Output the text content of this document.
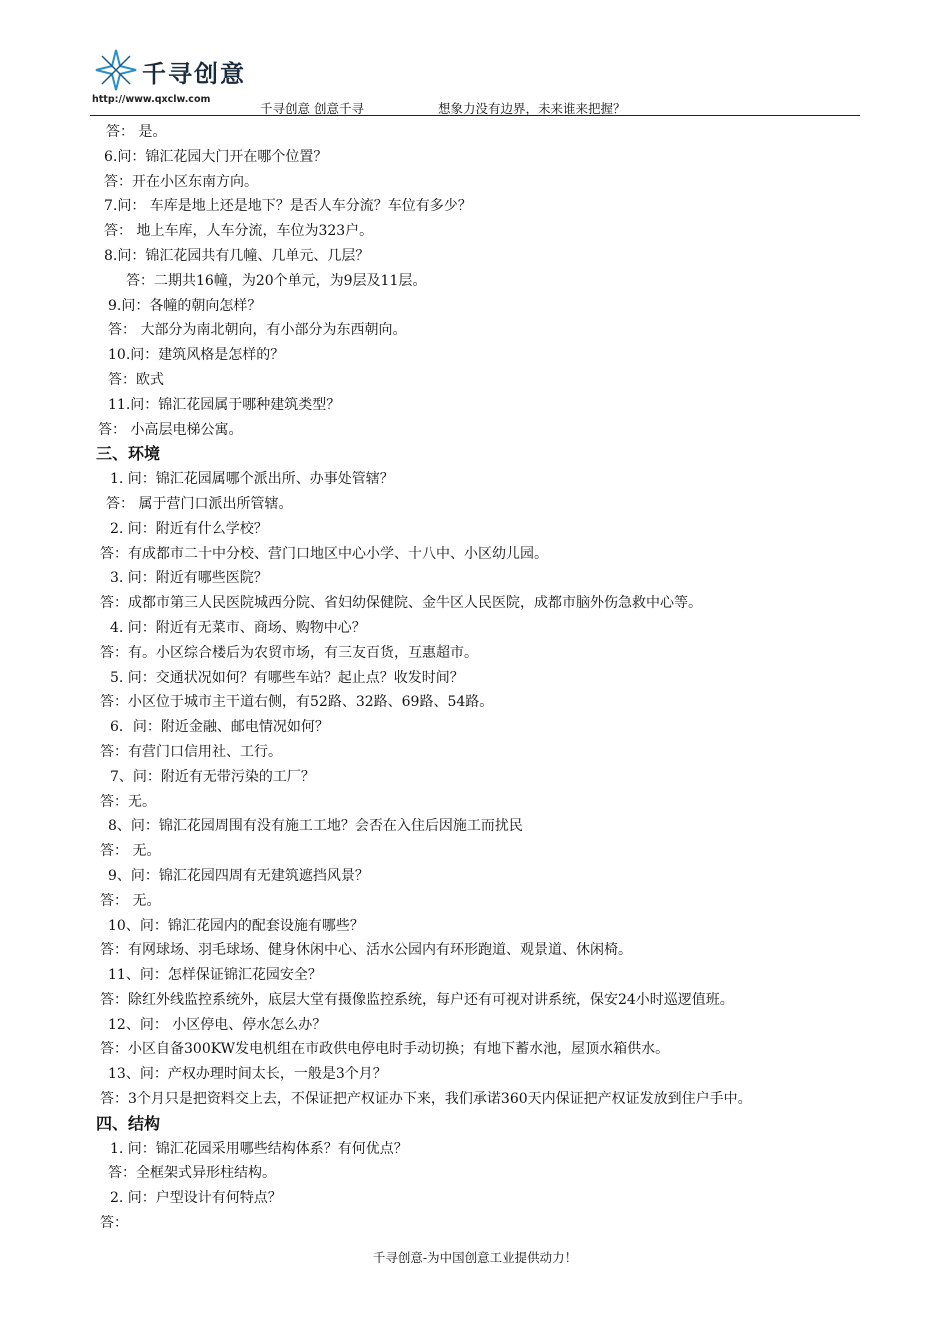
千寻创意
http://www.qxclw.com
千寻创意 创意千寻	想象力没有边界，未来谁来把握？
答： 是。
6.问：锦汇花园大门开在哪个位置？
答：开在小区东南方向。
7.问： 车库是地上还是地下？是否人车分流？车位有多少？
答： 地上车库，人车分流，车位为323户。
8.问：锦汇花园共有几幢、几单元、几层？
答：二期共16幢，为20个单元，为9层及11层。
9.问：各幢的朝向怎样？
答： 大部分为南北朝向，有小部分为东西朝向。
10.问：建筑风格是怎样的？
答：欧式
11.问：锦汇花园属于哪种建筑类型？
答： 小高层电梯公寓。
三、环境
1. 问：锦汇花园属哪个派出所、办事处管辖？
答： 属于营门口派出所管辖。
2. 问：附近有什么学校？
答：有成都市二十中分校、营门口地区中心小学、十八中、小区幼儿园。
3. 问：附近有哪些医院？
答：成都市第三人民医院城西分院、省妇幼保健院、金牛区人民医院，成都市脑外伤急救中心等。
4. 问：附近有无菜市、商场、购物中心？
答：有。小区综合楼后为农贸市场，有三友百货，互惠超市。
5. 问：交通状况如何？有哪些车站？起止点？收发时间？
答：小区位于城市主干道右侧，有52路、32路、69路、54路。
6．问：附近金融、邮电情况如何？
答：有营门口信用社、工行。
7、问：附近有无带污染的工厂？
答：无。
8、问：锦汇花园周围有没有施工工地？会否在入住后因施工而扰民
答： 无。
9、问：锦汇花园四周有无建筑遮挡风景？
答： 无。
10、问：锦汇花园内的配套设施有哪些？
答：有网球场、羽毛球场、健身休闲中心、活水公园内有环形跑道、观景道、休闲椅。
11、问：怎样保证锦汇花园安全？
答：除红外线监控系统外，底层大堂有摄像监控系统，每户还有可视对讲系统，保安24小时巡逻值班。
12、问： 小区停电、停水怎么办？
答：小区自备300KW发电机组在市政供电停电时手动切换；有地下蓄水池，屋顶水箱供水。
13、问：产权办理时间太长，一般是3个月？
答：3个月只是把资料交上去，不保证把产权证办下来，我们承诺360天内保证把产权证发放到住户手中。
四、结构
1. 问：锦汇花园采用哪些结构体系？有何优点？
答：全框架式异形柱结构。
2. 问：户型设计有何特点？
答：
千寻创意-为中国创意工业提供动力！
